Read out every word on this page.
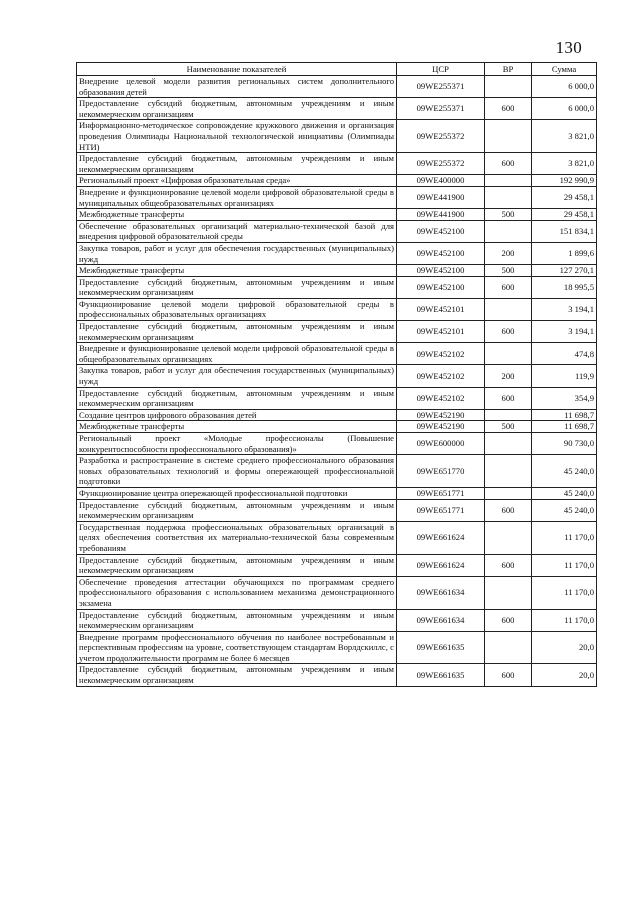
130
Наименование показателей	ЦСР	ВР	Сумма
Внедрение целевой модели развития региональных систем дополнительного образования детей	09WE255371		6 000,0
Предоставление субсидий бюджетным, автономным учреждениям и иным некоммерческим организациям	09WE255371	600	6 000,0
Информационно-методическое сопровождение кружкового движения и организация проведения Олимпиады Национальной технологической инициативы (Олимпиады НТИ)	09WE255372		3 821,0
Предоставление субсидий бюджетным, автономным учреждениям и иным некоммерческим организациям	09WE255372	600	3 821,0
Региональный проект «Цифровая образовательная среда»	09WE400000		192 990,9
Внедрение и функционирование целевой модели цифровой образовательной среды в муниципальных общеобразовательных организациях	09WE441900		29 458,1
Межбюджетные трансферты	09WE441900	500	29 458,1
Обеспечение образовательных организаций материально-технической базой для внедрения цифровой образовательной среды	09WE452100		151 834,1
Закупка товаров, работ и услуг для обеспечения государственных (муниципальных) нужд	09WE452100	200	1 899,6
Межбюджетные трансферты	09WE452100	500	127 270,1
Предоставление субсидий бюджетным, автономным учреждениям и иным некоммерческим организациям	09WE452100	600	18 995,5
Функционирование целевой модели цифровой образовательной среды в профессиональных образовательных организациях	09WE452101		3 194,1
Предоставление субсидий бюджетным, автономным учреждениям и иным некоммерческим организациям	09WE452101	600	3 194,1
Внедрение и функционирование целевой модели цифровой образовательной среды в общеобразовательных организациях	09WE452102		474,8
Закупка товаров, работ и услуг для обеспечения государственных (муниципальных) нужд	09WE452102	200	119,9
Предоставление субсидий бюджетным, автономным учреждениям и иным некоммерческим организациям	09WE452102	600	354,9
Создание центров цифрового образования детей	09WE452190		11 698,7
Межбюджетные трансферты	09WE452190	500	11 698,7
Региональный проект «Молодые профессионалы (Повышение конкурентоспособности профессионального образования)»	09WE600000		90 730,0
Разработка и распространение в системе среднего профессионального образования новых образовательных технологий и формы опережающей профессиональной подготовки	09WE651770		45 240,0
Функционирование центра опережающей профессиональной подготовки	09WE651771		45 240,0
Предоставление субсидий бюджетным, автономным учреждениям и иным некоммерческим организациям	09WE651771	600	45 240,0
Государственная поддержка профессиональных образовательных организаций в целях обеспечения соответствия их материально-технической базы современным требованиям	09WE661624		11 170,0
Предоставление субсидий бюджетным, автономным учреждениям и иным некоммерческим организациям	09WE661624	600	11 170,0
Обеспечение проведения аттестации обучающихся по программам среднего профессионального образования с использованием механизма демонстрационного экзамена	09WE661634		11 170,0
Предоставление субсидий бюджетным, автономным учреждениям и иным некоммерческим организациям	09WE661634	600	11 170,0
Внедрение программ профессионального обучения по наиболее востребованным и перспективным профессиям на уровне, соответствующем стандартам Ворлдскиллс, с учетом продолжительности программ не более 6 месяцев	09WE661635		20,0
Предоставление субсидий бюджетным, автономным учреждениям и иным некоммерческим организациям	09WE661635	600	20,0
